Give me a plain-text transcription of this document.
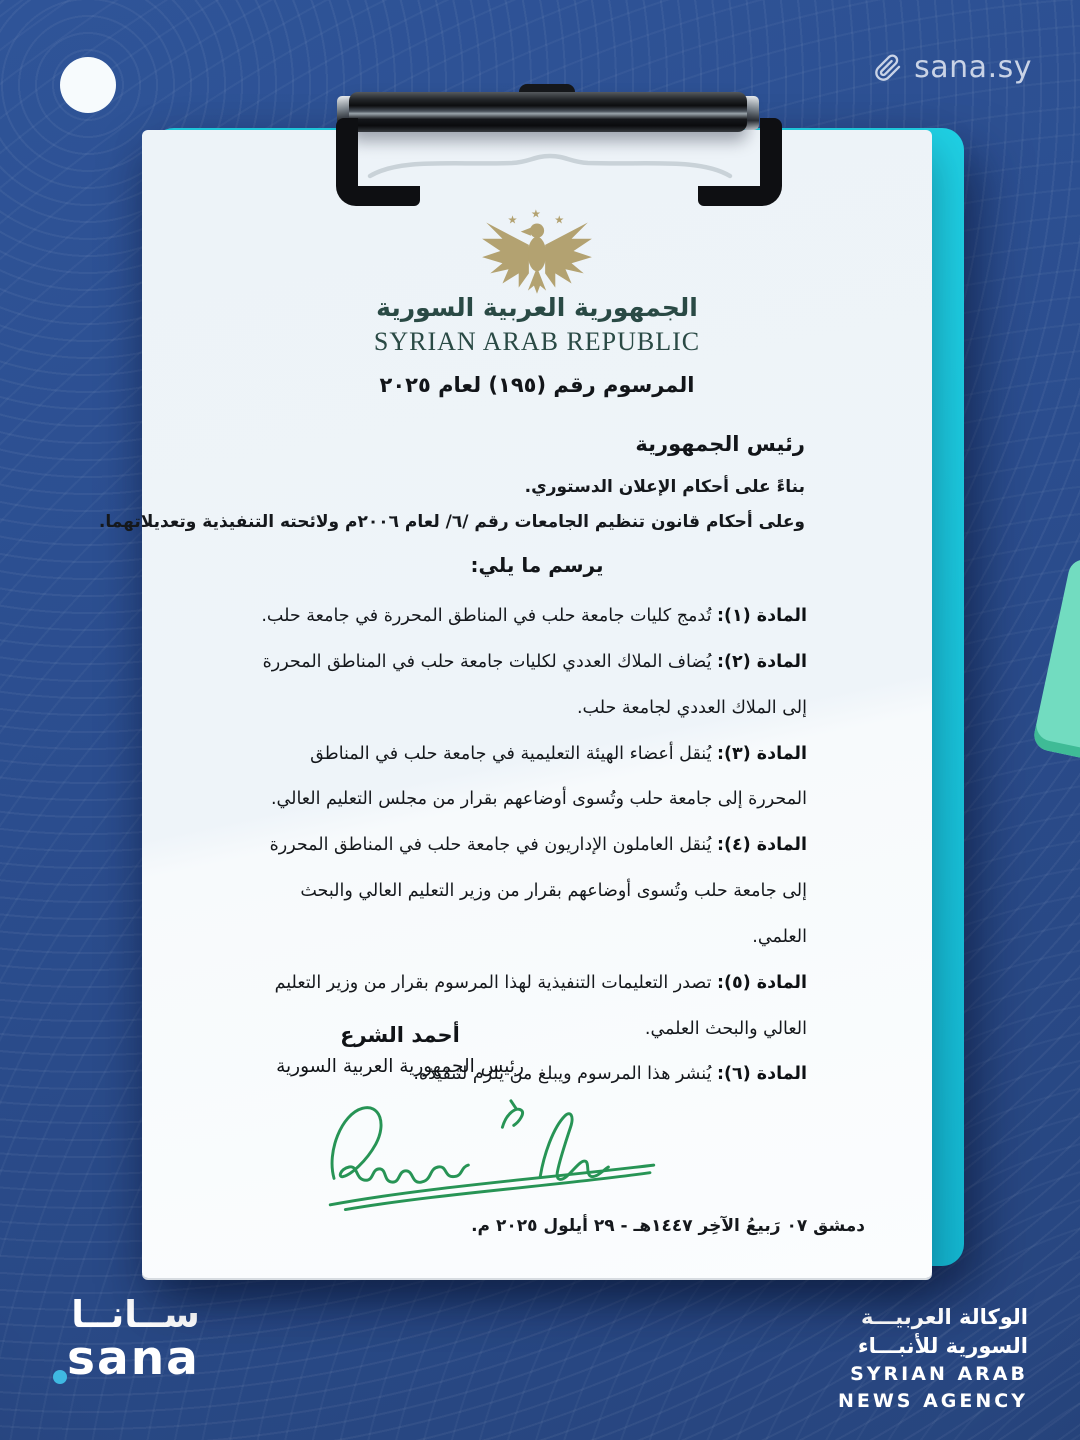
sana.sy
★ ★ ★
الجمهورية العربية السورية
SYRIAN ARAB REPUBLIC
المرسوم رقم (١٩٥) لعام ٢٠٢٥
رئيس الجمهورية
بناءً على أحكام الإعلان الدستوري.
وعلى أحكام قانون تنظيم الجامعات رقم /٦/ لعام ٢٠٠٦م ولائحته التنفيذية وتعديلاتهما.
يرسم ما يلي:

المادة (١): تُدمج كليات جامعة حلب في المناطق المحررة في جامعة حلب.

المادة (٢): يُضاف الملاك العددي لكليات جامعة حلب في المناطق المحررة إلى الملاك العددي لجامعة حلب.

المادة (٣): يُنقل أعضاء الهيئة التعليمية في جامعة حلب في المناطق المحررة إلى جامعة حلب وتُسوى أوضاعهم بقرار من مجلس التعليم العالي.

المادة (٤): يُنقل العاملون الإداريون في جامعة حلب في المناطق المحررة إلى جامعة حلب وتُسوى أوضاعهم بقرار من وزير التعليم العالي والبحث العلمي.

المادة (٥): تصدر التعليمات التنفيذية لهذا المرسوم بقرار من وزير التعليم العالي والبحث العلمي.

المادة (٦): يُنشر هذا المرسوم ويبلغ من يلزم لتنفيذه.

أحمد الشرع
رئيس الجمهورية العربية السورية
دمشق ٠٧ رَبيعُ الآخِر ١٤٤٧هـ - ٢٩ أيلول ٢٠٢٥ م.
ســانــا
sana
الوكالة العربيـــة
السورية للأنبـــاء
SYRIAN ARAB
NEWS AGENCY
